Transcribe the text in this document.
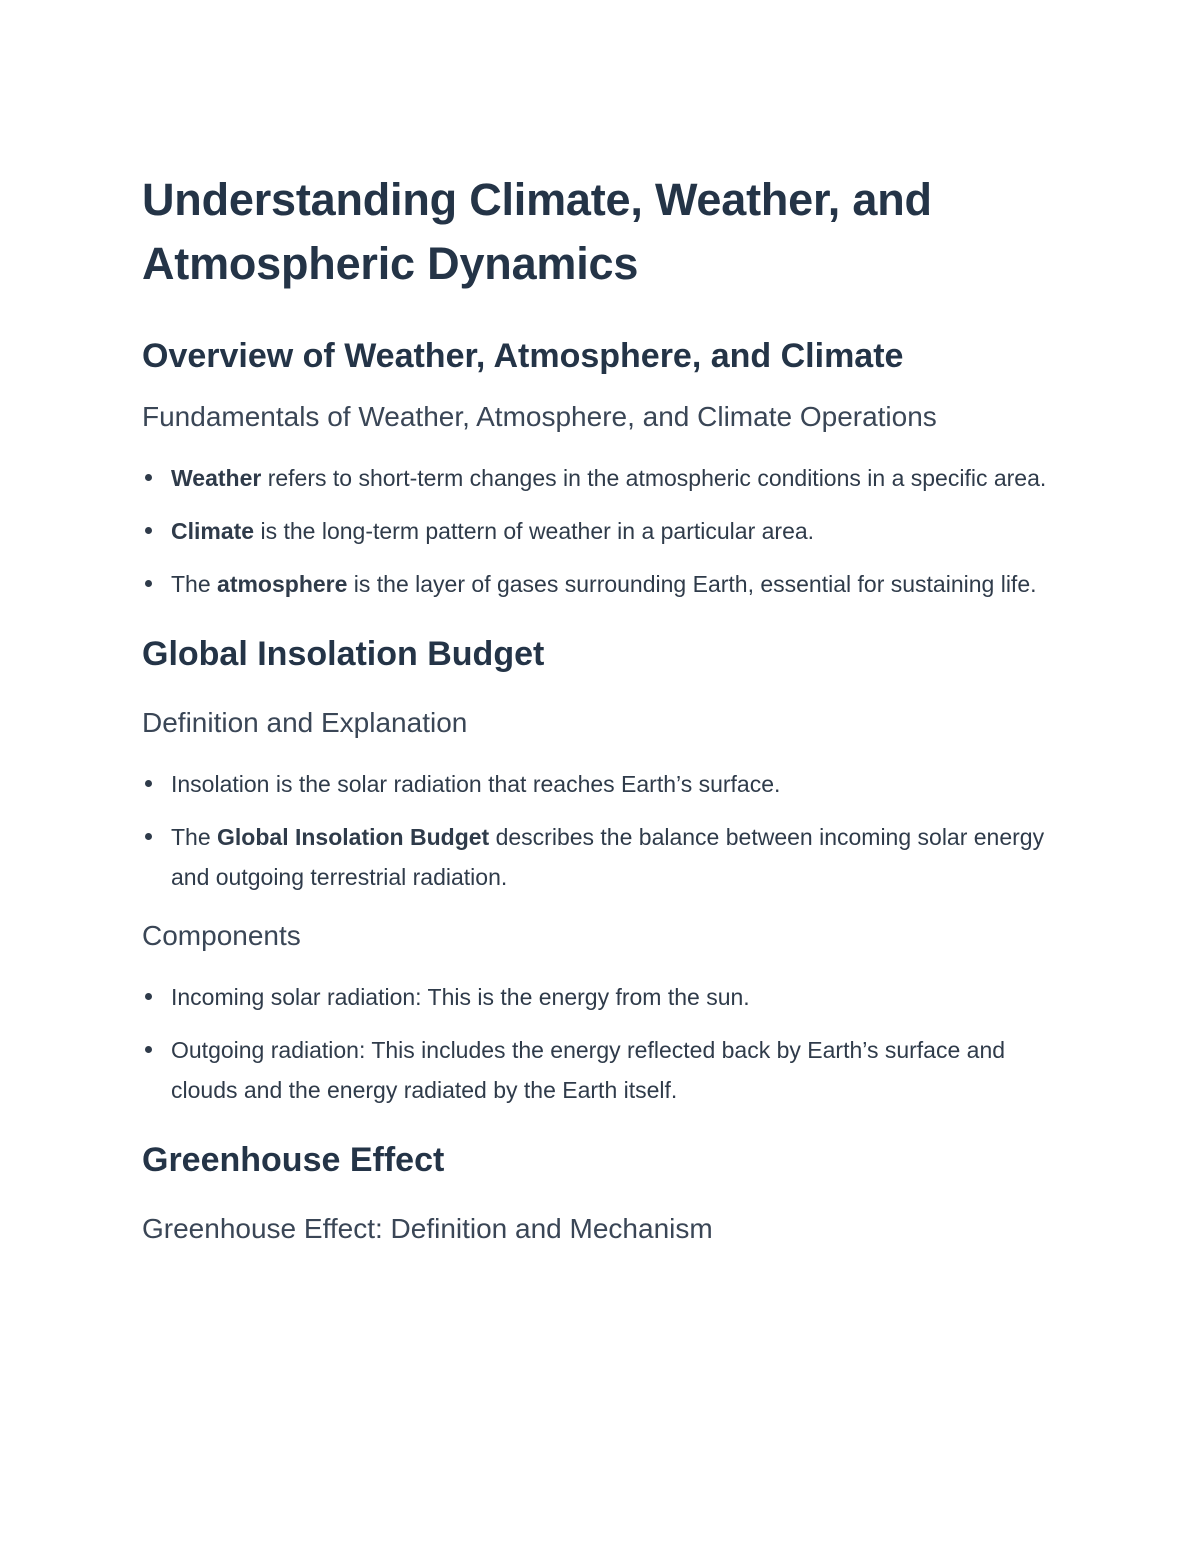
Understanding Climate, Weather, and Atmospheric Dynamics
Overview of Weather, Atmosphere, and Climate
Fundamentals of Weather, Atmosphere, and Climate Operations
Weather refers to short-term changes in the atmospheric conditions in a specific area.
Climate is the long-term pattern of weather in a particular area.
The atmosphere is the layer of gases surrounding Earth, essential for sustaining life.
Global Insolation Budget
Definition and Explanation
Insolation is the solar radiation that reaches Earth’s surface.
The Global Insolation Budget describes the balance between incoming solar energy and outgoing terrestrial radiation.
Components
Incoming solar radiation: This is the energy from the sun.
Outgoing radiation: This includes the energy reflected back by Earth’s surface and clouds and the energy radiated by the Earth itself.
Greenhouse Effect
Greenhouse Effect: Definition and Mechanism
